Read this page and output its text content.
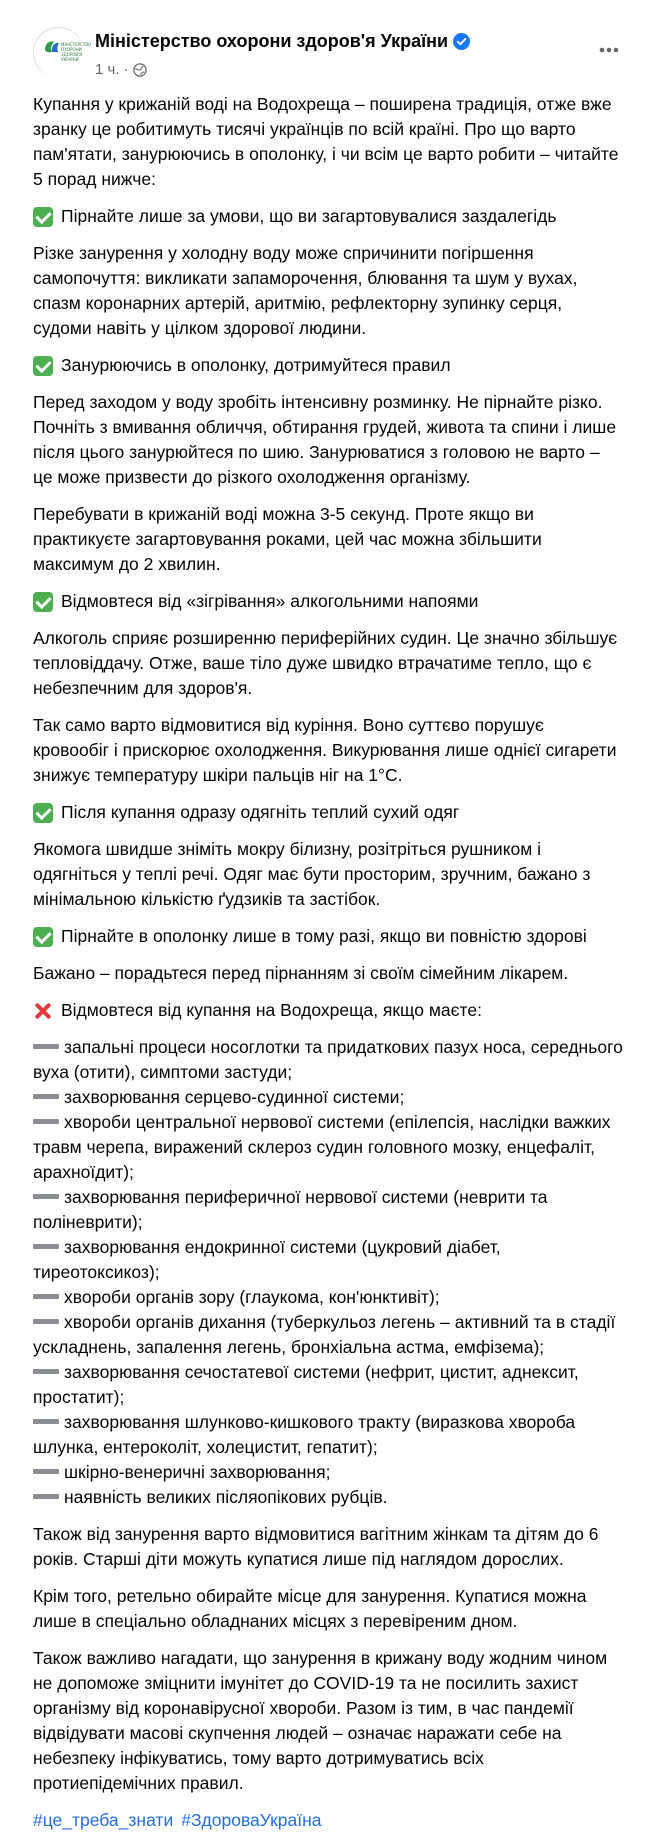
МІНІСТЕРСТВО
ОХОРОНИ
ЗДОРОВ'Я
УКРАЇНИ
Міністерство охорони здоров'я України
1 ч. ·
Купання у крижаній воді на Водохреща – поширена традиція, отже вже зранку це робитимуть тисячі українців по всій країні. Про що варто пам'ятати, занурюючись в ополонку, і чи всім це варто робити – читайте 5 порад нижче:
Пірнайте лише за умови, що ви загартовувалися заздалегідь
Різке занурення у холодну воду може спричинити погіршення самопочуття: викликати запаморочення, блювання та шум у вухах, спазм коронарних артерій, аритмію, рефлекторну зупинку серця, судоми навіть у цілком здорової людини.
Занурюючись в ополонку, дотримуйтеся правил
Перед заходом у воду зробіть інтенсивну розминку. Не пірнайте різко. Почніть з вмивання обличчя, обтирання грудей, живота та спини і лише після цього занурюйтеся по шию. Занурюватися з головою не варто – це може призвести до різкого охолодження організму.
Перебувати в крижаній воді можна 3-5 секунд. Проте якщо ви практикуєте загартовування роками, цей час можна збільшити максимум до 2 хвилин.
Відмовтеся від «зігрівання» алкогольними напоями
Алкоголь сприяє розширенню периферійних судин. Це значно збільшує тепловіддачу. Отже, ваше тіло дуже швидко втрачатиме тепло, що є небезпечним для здоров'я.
Так само варто відмовитися від куріння. Воно суттєво порушує кровообіг і прискорює охолодження. Викурювання лише однієї сигарети знижує температуру шкіри пальців ніг на 1°C.
Після купання одразу одягніть теплий сухий одяг
Якомога швидше зніміть мокру білизну, розітріться рушником і одягніться у теплі речі. Одяг має бути просторим, зручним, бажано з мінімальною кількістю ґудзиків та застібок.
Пірнайте в ополонку лише в тому разі, якщо ви повністю здорові
Бажано – порадьтеся перед пірнанням зі своїм сімейним лікарем.
Відмовтеся від купання на Водохреща, якщо маєте:
запальні процеси носоглотки та придаткових пазух носа, середнього вуха (отити), симптоми застуди;
захворювання серцево-судинної системи;
хвороби центральної нервової системи (епілепсія, наслідки важких травм черепа, виражений склероз судин головного мозку, енцефаліт, арахноїдит);
захворювання периферичної нервової системи (неврити та поліневрити);
захворювання ендокринної системи (цукровий діабет, тиреотоксикоз);
хвороби органів зору (глаукома, кон'юнктивіт);
хвороби органів дихання (туберкульоз легень – активний та в стадії ускладнень, запалення легень, бронхіальна астма, емфізема);
захворювання сечостатевої системи (нефрит, цистит, аднексит, простатит);
захворювання шлунково-кишкового тракту (виразкова хвороба шлунка, ентероколіт, холецистит, гепатит);
шкірно-венеричні захворювання;
наявність великих післяопікових рубців.
Також від занурення варто відмовитися вагітним жінкам та дітям до 6 років. Старші діти можуть купатися лише під наглядом дорослих.
Крім того, ретельно обирайте місце для занурення. Купатися можна лише в спеціально обладнаних місцях з перевіреним дном.
Також важливо нагадати, що занурення в крижану воду жодним чином не допоможе зміцнити імунітет до COVID-19 та не посилить захист організму від коронавірусної хвороби. Разом із тим, в час пандемії відвідувати масові скупчення людей – означає наражати себе на небезпеку інфікуватись, тому варто дотримуватись всіх протиепідемічних правил.
#це_треба_знати #ЗдороваУкраїна
